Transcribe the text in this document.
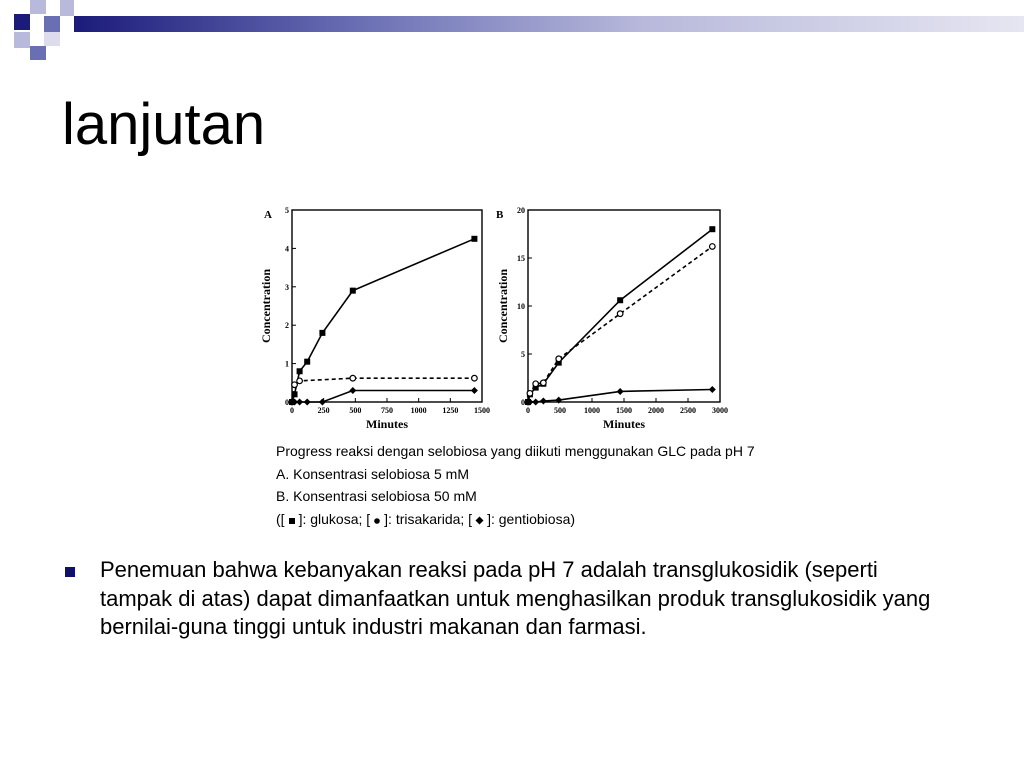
lanjutan
A
0	250 500 750 1000 1250 1500
0
1
2
3
4
5
Minutes
Concentration
B
0	500 1000 1500 2000 2500 3000
0
5
10
15
20
Minutes
Concentration
Progress reaksi dengan selobiosa yang diikuti menggunakan GLC pada pH 7
A. Konsentrasi selobiosa 5 mM
B. Konsentrasi selobiosa 50 mM
([ ]: glukosa; [ ]: trisakarida; [ ]: gentiobiosa)
Penemuan bahwa kebanyakan reaksi pada pH 7 adalah transglukosidik (seperti tampak di atas) dapat dimanfaatkan untuk menghasilkan produk transglukosidik yang bernilai-guna tinggi untuk industri makanan dan farmasi.
